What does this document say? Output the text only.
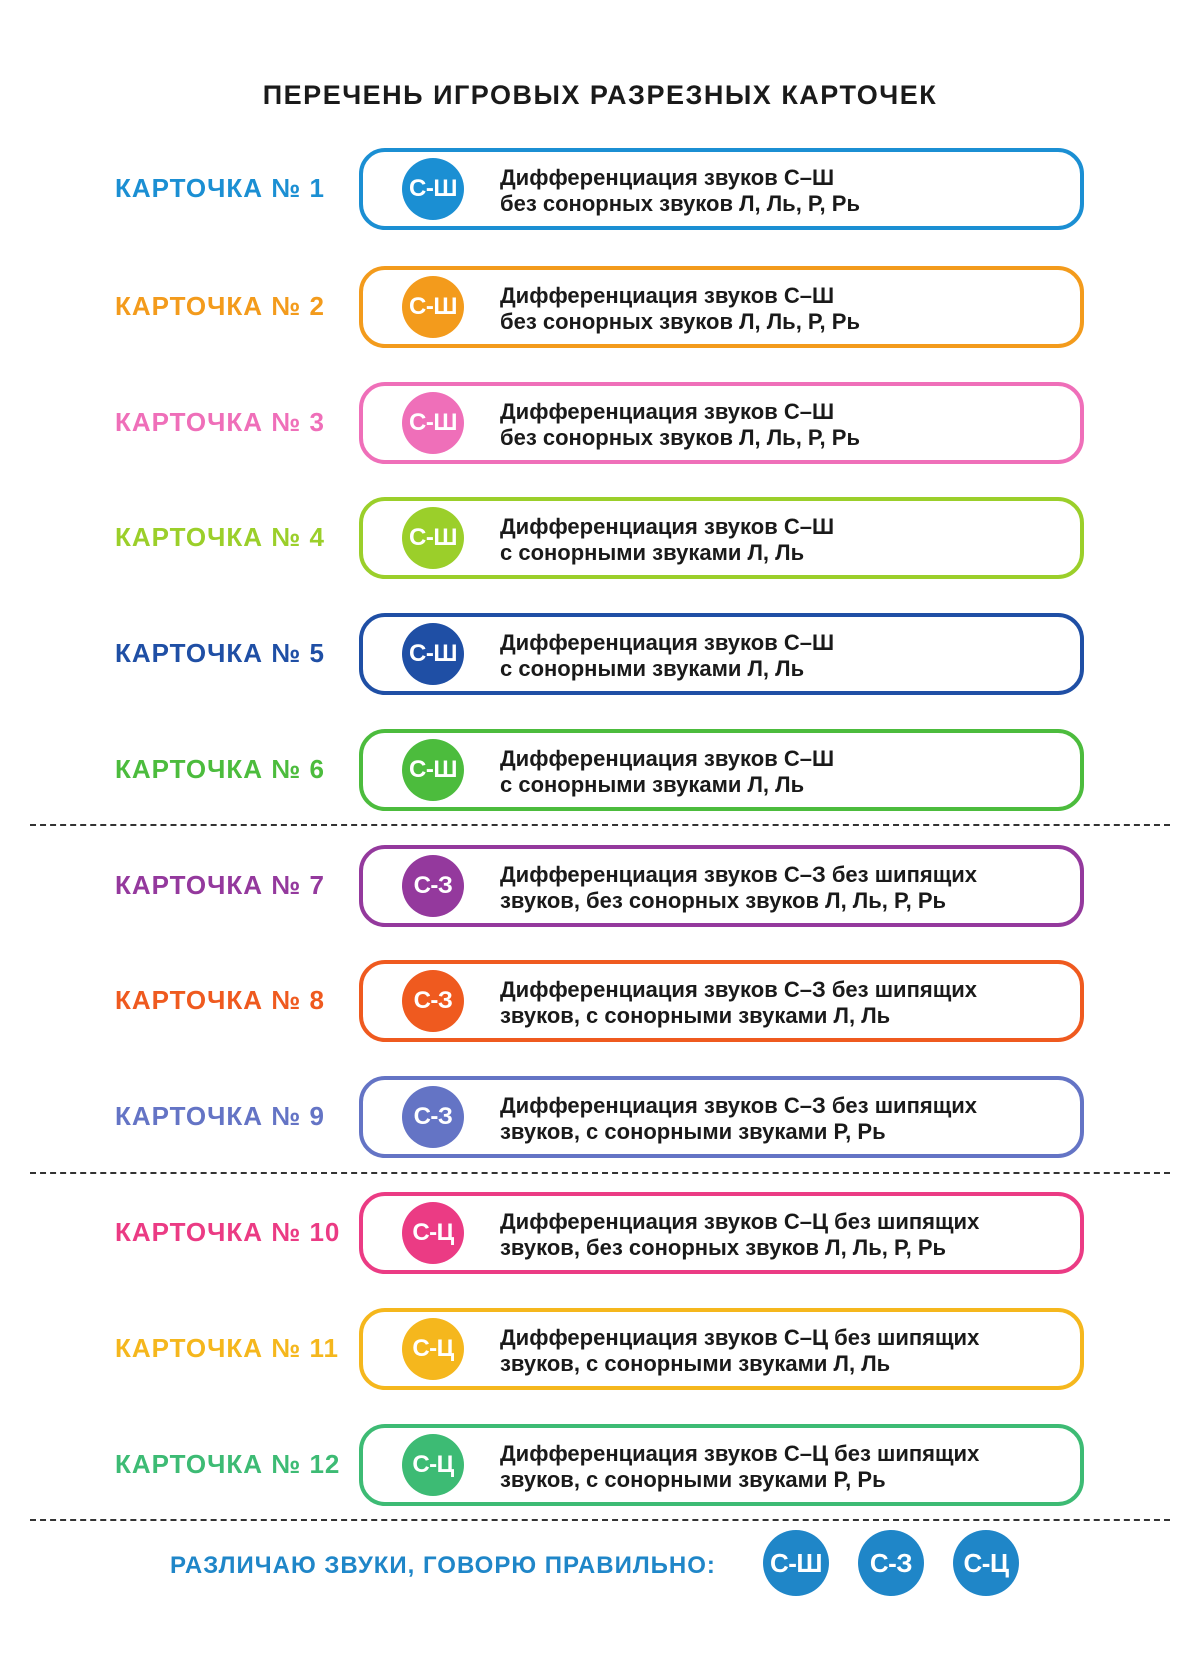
ПЕРЕЧЕНЬ ИГРОВЫХ РАЗРЕЗНЫХ КАРТОЧЕК
КАРТОЧКА № 1	С-Ш	Дифференциация звуков С–Ш
без сонорных звуков Л, Ль, Р, Рь
КАРТОЧКА № 2	С-Ш	Дифференциация звуков С–Ш
без сонорных звуков Л, Ль, Р, Рь
КАРТОЧКА № 3	С-Ш	Дифференциация звуков С–Ш
без сонорных звуков Л, Ль, Р, Рь
КАРТОЧКА № 4	С-Ш	Дифференциация звуков С–Ш
с сонорными звуками Л, Ль
КАРТОЧКА № 5	С-Ш	Дифференциация звуков С–Ш
с сонорными звуками Л, Ль
КАРТОЧКА № 6	С-Ш	Дифференциация звуков С–Ш
с сонорными звуками Л, Ль
КАРТОЧКА № 7	С-З	Дифференциация звуков С–З без шипящих
звуков, без сонорных звуков Л, Ль, Р, Рь
КАРТОЧКА № 8	С-З	Дифференциация звуков С–З без шипящих
звуков, с сонорными звуками Л, Ль
КАРТОЧКА № 9	С-З	Дифференциация звуков С–З без шипящих
звуков, с сонорными звуками Р, Рь
КАРТОЧКА № 10	С-Ц	Дифференциация звуков С–Ц без шипящих
звуков, без сонорных звуков Л, Ль, Р, Рь
КАРТОЧКА № 11	С-Ц	Дифференциация звуков С–Ц без шипящих
звуков, с сонорными звуками Л, Ль
КАРТОЧКА № 12	С-Ц	Дифференциация звуков С–Ц без шипящих
звуков, с сонорными звуками Р, Рь
РАЗЛИЧАЮ ЗВУКИ, ГОВОРЮ ПРАВИЛЬНО: С-Ш	С-З	С-Ц
